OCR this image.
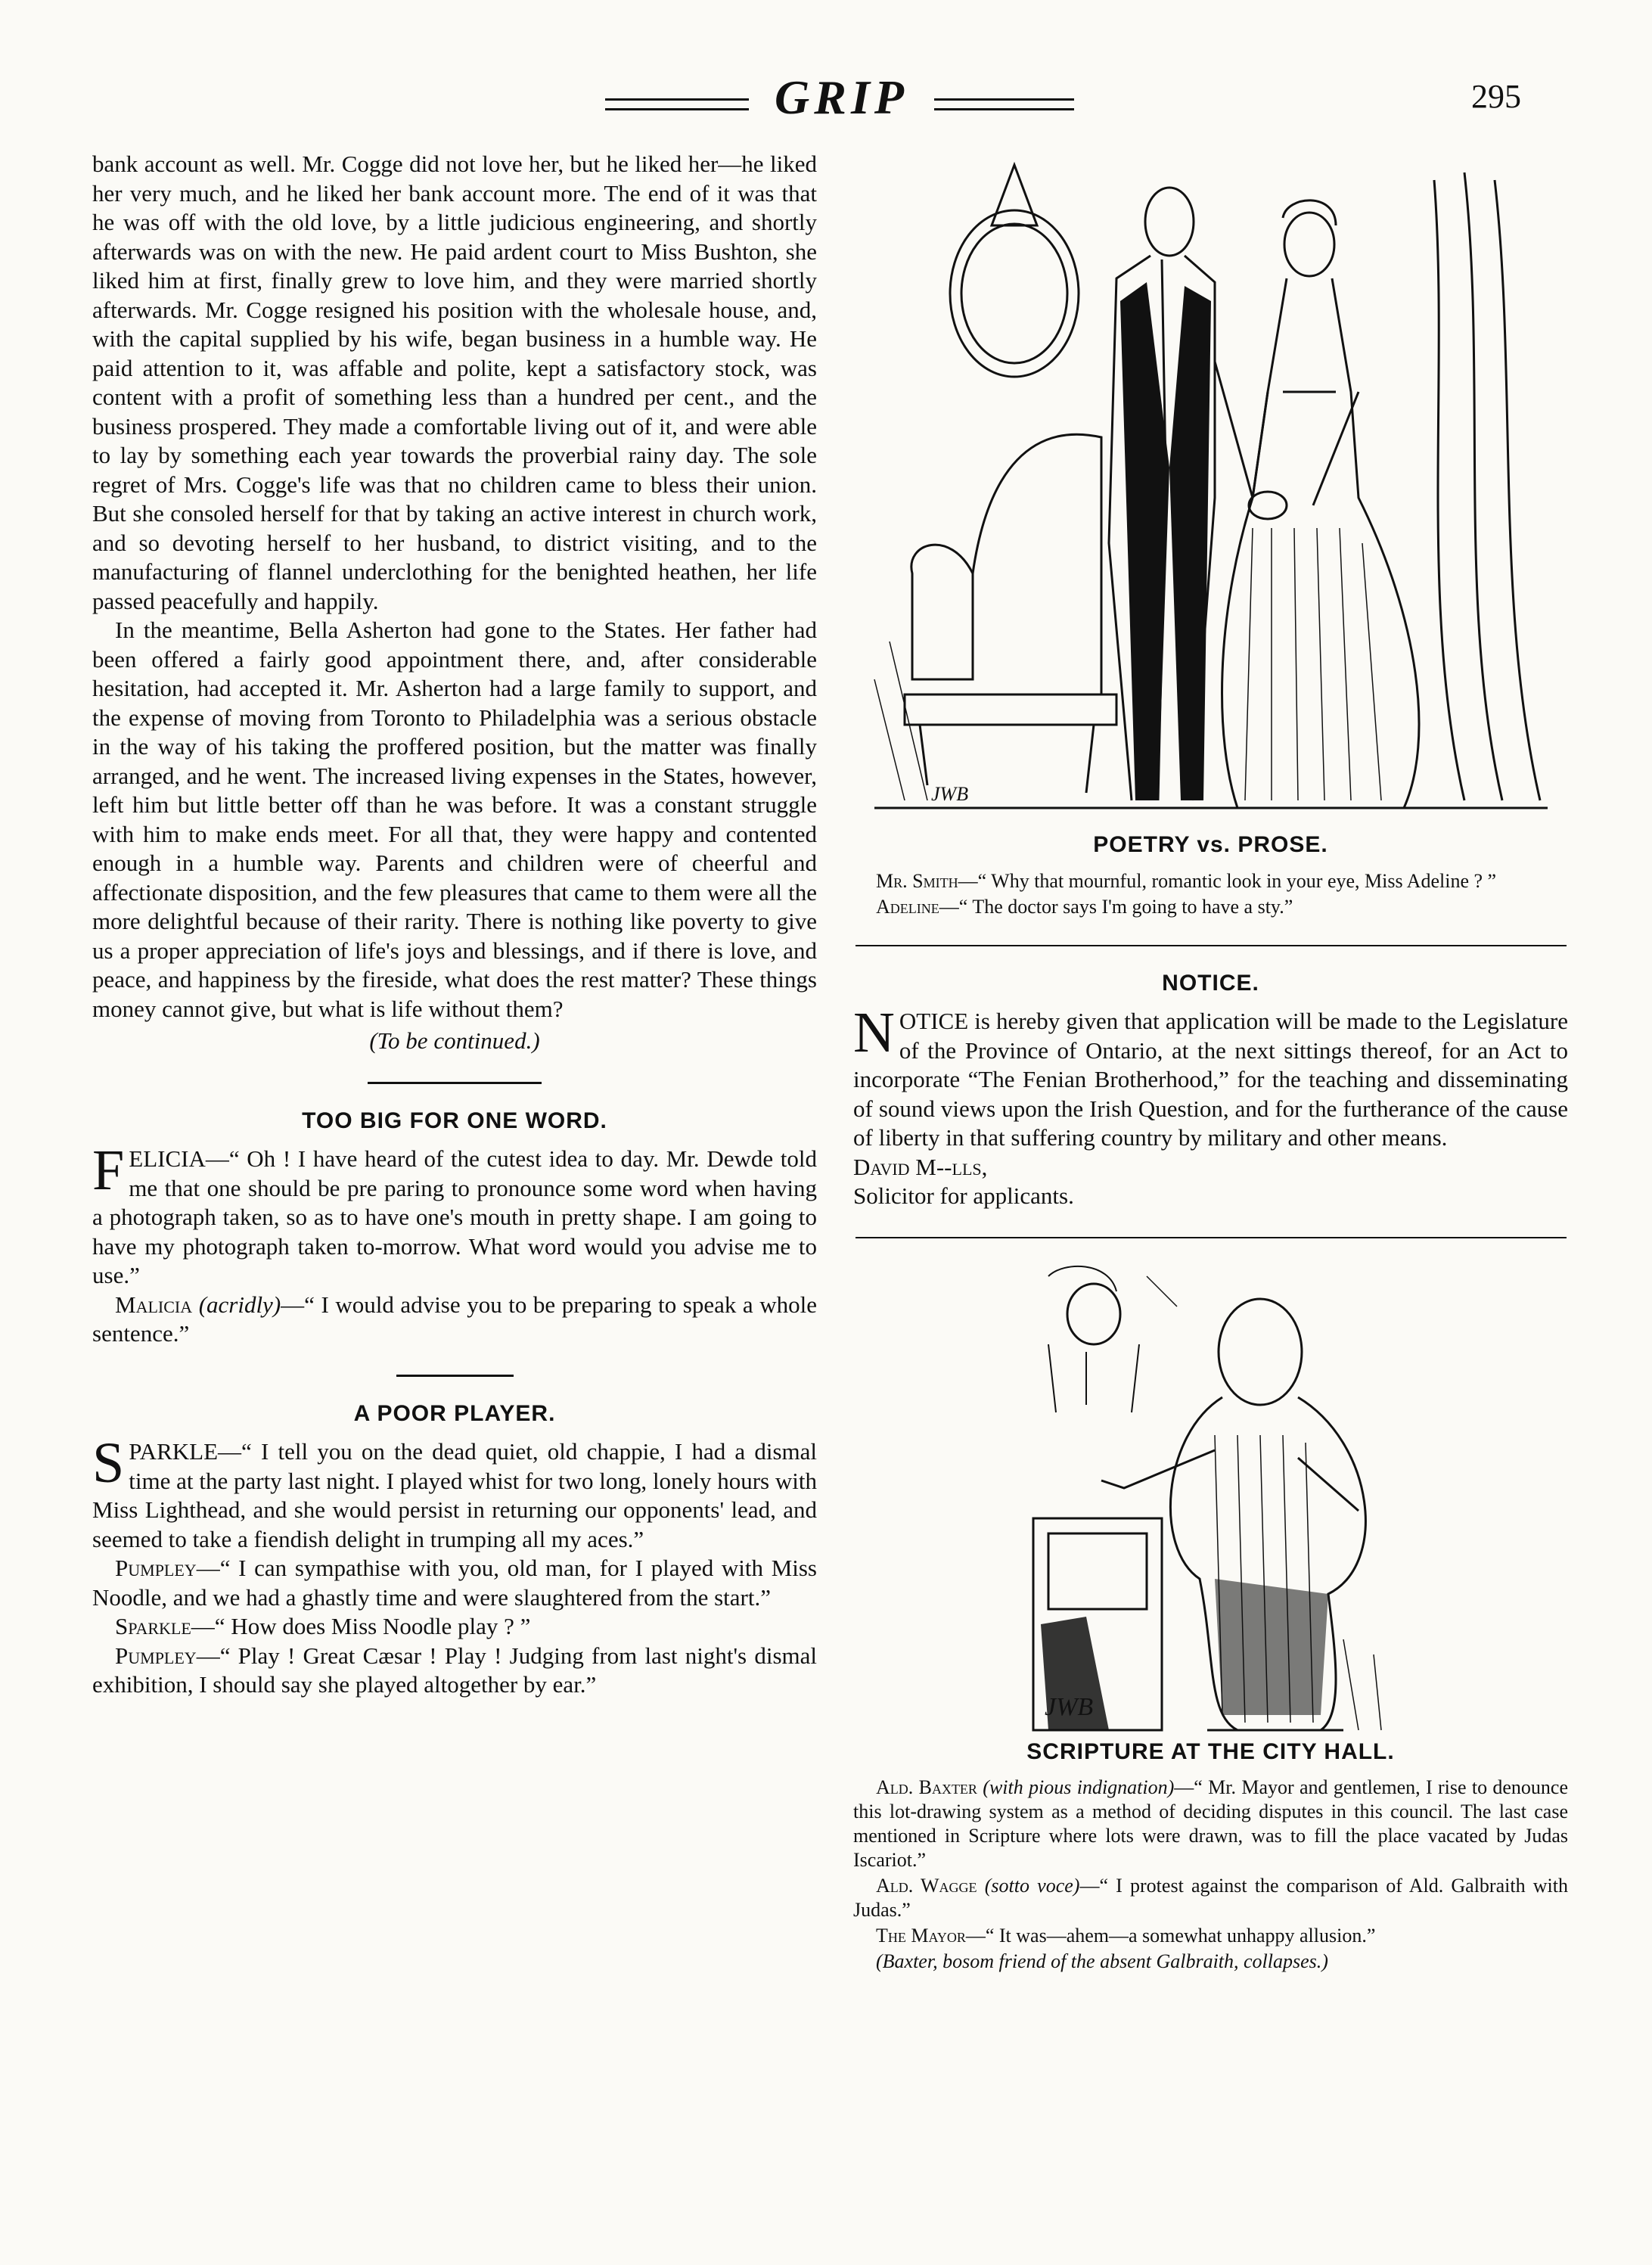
GRIP	295

bank account as well. Mr. Cogge did not love her, but he liked her—he liked her very much, and he liked her bank account more. The end of it was that he was off with the old love, by a little judicious engineering, and shortly afterwards was on with the new. He paid ardent court to Miss Bushton, she liked him at first, finally grew to love him, and they were married shortly afterwards. Mr. Cogge resigned his position with the wholesale house, and, with the capital supplied by his wife, began business in a humble way. He paid attention to it, was affable and polite, kept a satisfactory stock, was content with a profit of something less than a hundred per cent., and the business prospered. They made a comfortable living out of it, and were able to lay by something each year towards the proverbial rainy day. The sole regret of Mrs. Cogge's life was that no children came to bless their union. But she consoled herself for that by taking an active interest in church work, and so devoting herself to her husband, to district visiting, and to the manufacturing of flannel underclothing for the benighted heathen, her life passed peacefully and happily.

In the meantime, Bella Asherton had gone to the States. Her father had been offered a fairly good appointment there, and, after considerable hesitation, had accepted it. Mr. Asherton had a large family to support, and the expense of moving from Toronto to Philadelphia was a serious obstacle in the way of his taking the proffered position, but the matter was finally arranged, and he went. The increased living expenses in the States, however, left him but little better off than he was before. It was a constant struggle with him to make ends meet. For all that, they were happy and contented enough in a humble way. Parents and children were of cheerful and affectionate disposition, and the few pleasures that came to them were all the more delightful because of their rarity. There is nothing like poverty to give us a proper appreciation of life's joys and blessings, and if there is love, and peace, and happiness by the fireside, what does the rest matter? These things money cannot give, but what is life without them?

(To be continued.)

TOO BIG FOR ONE WORD.

FELICIA—“ Oh ! I have heard of the cutest idea to day. Mr. Dewde told me that one should be pre paring to pronounce some word when having a photograph taken, so as to have one's mouth in pretty shape. I am going to have my photograph taken to-morrow. What word would you advise me to use.”

Malicia (acridly)—“ I would advise you to be preparing to speak a whole sentence.”

A POOR PLAYER.

SPARKLE—“ I tell you on the dead quiet, old chappie, I had a dismal time at the party last night. I played whist for two long, lonely hours with Miss Lighthead, and she would persist in returning our opponents' lead, and seemed to take a fiendish delight in trumping all my aces.”

Pumpley—“ I can sympathise with you, old man, for I played with Miss Noodle, and we had a ghastly time and were slaughtered from the start.”

Sparkle—“ How does Miss Noodle play ? ”

Pumpley—“ Play ! Great Cæsar ! Play ! Judging from last night's dismal exhibition, I should say she played altogether by ear.”

JWB
POETRY vs. PROSE.

Mr. Smith—“ Why that mournful, romantic look in your eye, Miss Adeline ? ”

Adeline—“ The doctor says I'm going to have a sty.”

NOTICE.

NOTICE is hereby given that application will be made to the Legislature of the Province of Ontario, at the next sittings thereof, for an Act to incorporate “The Fenian Brotherhood,” for the teaching and disseminating of sound views upon the Irish Question, and for the furtherance of the cause of liberty in that suffering country by military and other means.

David M--lls,

Solicitor for applicants.

JWB
SCRIPTURE AT THE CITY HALL.

Ald. Baxter (with pious indignation)—“ Mr. Mayor and gentlemen, I rise to denounce this lot-drawing system as a method of deciding disputes in this council. The last case mentioned in Scripture where lots were drawn, was to fill the place vacated by Judas Iscariot.”

Ald. Wagge (sotto voce)—“ I protest against the comparison of Ald. Galbraith with Judas.”

The Mayor—“ It was—ahem—a somewhat unhappy allusion.”

(Baxter, bosom friend of the absent Galbraith, collapses.)
